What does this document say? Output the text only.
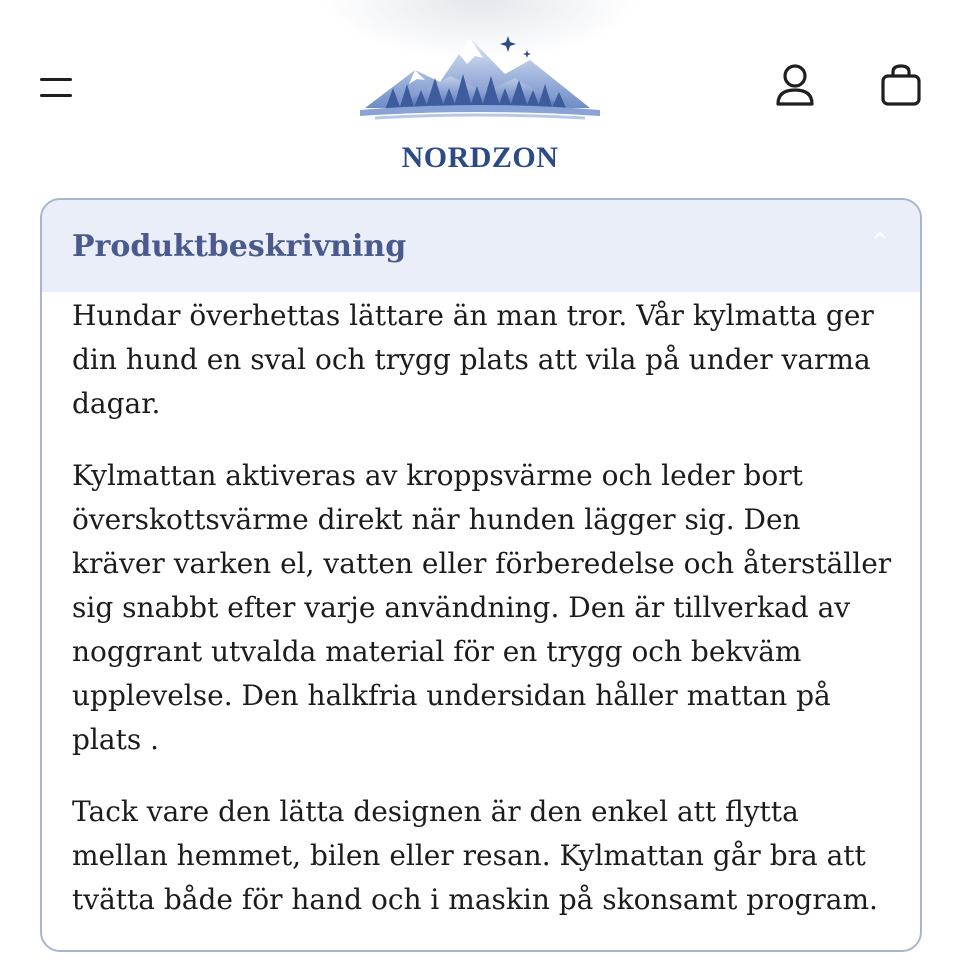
NORDZON
Produktbeskrivning

Hundar överhettas lättare än man tror. Vår kylmatta ger din hund en sval och trygg plats att vila på under varma dagar.

Kylmattan aktiveras av kroppsvärme och leder bort överskottsvärme direkt när hunden lägger sig. Den kräver varken el, vatten eller förberedelse och återställer sig snabbt efter varje användning. Den är tillverkad av noggrant utvalda material för en trygg och bekväm upplevelse. Den halkfria undersidan håller mattan på plats .

Tack vare den lätta designen är den enkel att flytta mellan hemmet, bilen eller resan. Kylmattan går bra att tvätta både för hand och i maskin på skonsamt program.
